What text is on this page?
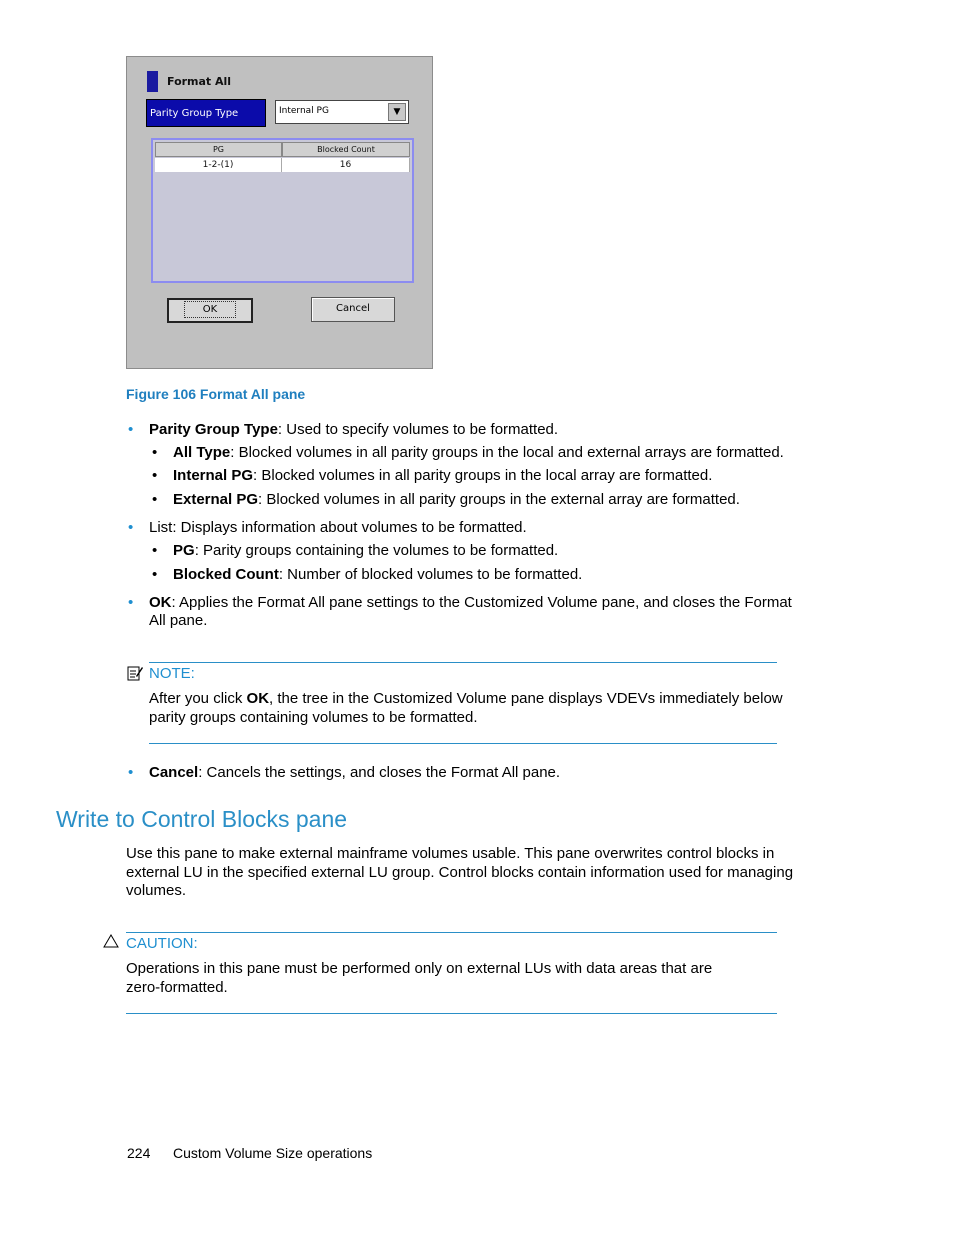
Format All
Parity Group Type	Internal PG	▼
PG	Blocked Count
1-2-(1)	16
OK	Cancel
Figure 106 Format All pane
• Parity Group Type: Used to specify volumes to be formatted.
• All Type: Blocked volumes in all parity groups in the local and external arrays are formatted.
• Internal PG: Blocked volumes in all parity groups in the local array are formatted.
• External PG: Blocked volumes in all parity groups in the external array are formatted.
• List: Displays information about volumes to be formatted.
• PG: Parity groups containing the volumes to be formatted.
• Blocked Count: Number of blocked volumes to be formatted.
• OK: Applies the Format All pane settings to the Customized Volume pane, and closes the Format
All pane.
NOTE:
After you click OK, the tree in the Customized Volume pane displays VDEVs immediately below
parity groups containing volumes to be formatted.
• Cancel: Cancels the settings, and closes the Format All pane.
Write to Control Blocks pane
Use this pane to make external mainframe volumes usable. This pane overwrites control blocks in
external LU in the specified external LU group. Control blocks contain information used for managing
volumes.
CAUTION:
Operations in this pane must be performed only on external LUs with data areas that are
zero-formatted.
224 Custom Volume Size operations
